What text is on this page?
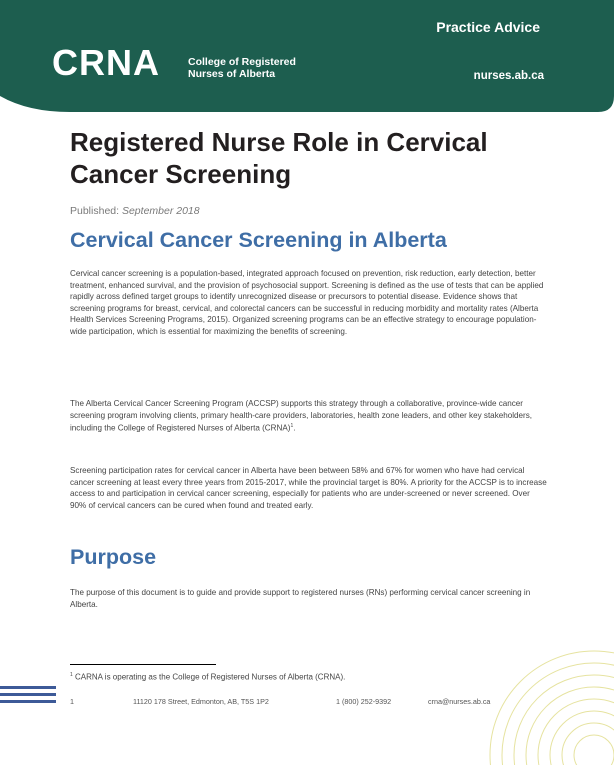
Practice Advice
CRNA	College of Registered
Nurses of Alberta	nurses.ab.ca
Registered Nurse Role in Cervical
Cancer Screening
Published: September 2018
Cervical Cancer Screening in Alberta

Cervical cancer screening is a population-based, integrated approach focused on prevention, risk reduction, early detection, better treatment, enhanced survival, and the provision of psychosocial support. Screening is defined as the use of tests that can be applied rapidly across defined target groups to identify unrecognized disease or precursors to potential disease. Evidence shows that screening programs for breast, cervical, and colorectal cancers can be successful in reducing morbidity and mortality rates (Alberta Health Services Screening Programs, 2015). Organized screening programs can be an effective strategy to encourage population-wide participation, which is essential for maximizing the benefits of screening.

The Alberta Cervical Cancer Screening Program (ACCSP) supports this strategy through a collaborative, province-wide cancer screening program involving clients, primary health-care providers, laboratories, health zone leaders, and other key stakeholders, including the College of Registered Nurses of Alberta (CRNA)$^1$.

Screening participation rates for cervical cancer in Alberta have been between 58% and 67% for women who have had cervical cancer screening at least every three years from 2015-2017, while the provincial target is 80%. A priority for the ACCSP is to increase access to and participation in cervical cancer screening, especially for patients who are under-screened or never screened. Over 90% of cervical cancers can be cured when found and treated early.

Purpose

The purpose of this document is to guide and provide support to registered nurses (RNs) performing cervical cancer screening in Alberta.

$^1$ CARNA is operating as the College of Registered Nurses of Alberta (CRNA).
1	11120 178 Street, Edmonton, AB, T5S 1P2	1 (800) 252-9392	crna@nurses.ab.ca
